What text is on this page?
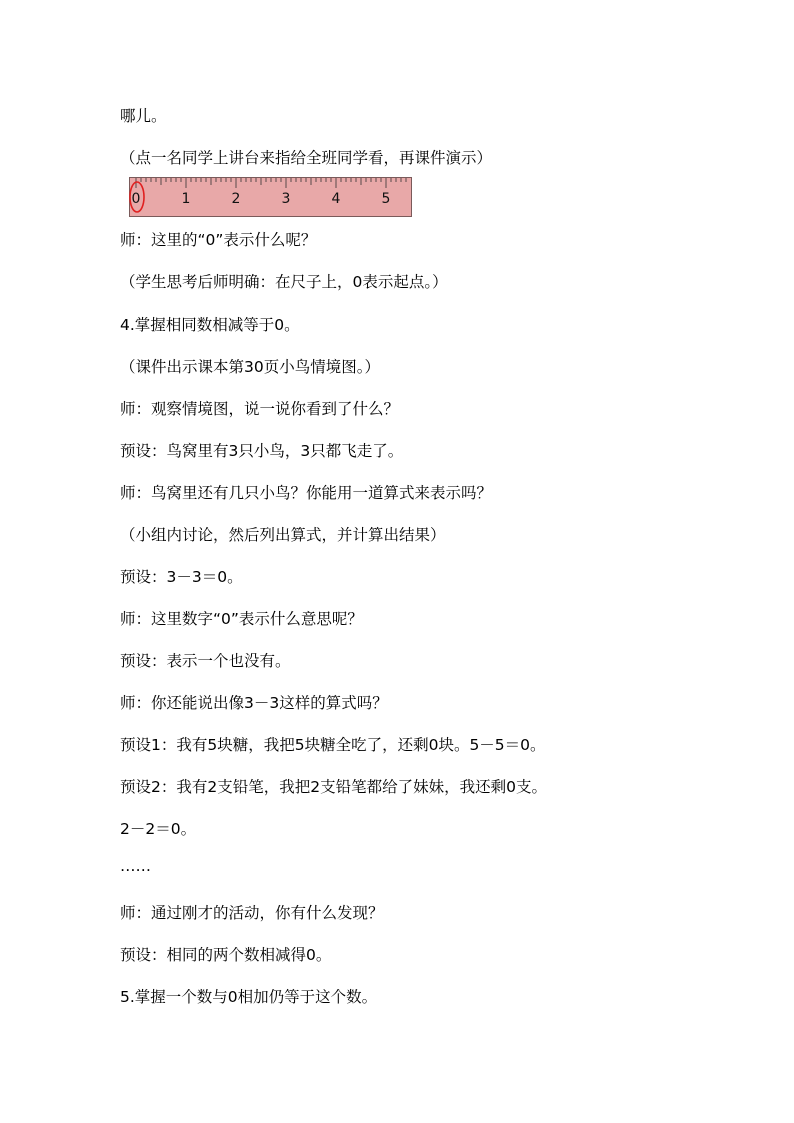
哪儿。
（点一名同学上讲台来指给全班同学看，再课件演示）
0	1	2	3	4	5
师：这里的“0”表示什么呢？
（学生思考后师明确：在尺子上，0表示起点。）
4.掌握相同数相减等于0。
（课件出示课本第30页小鸟情境图。）
师：观察情境图，说一说你看到了什么？
预设：鸟窝里有3只小鸟，3只都飞走了。
师：鸟窝里还有几只小鸟？你能用一道算式来表示吗？
（小组内讨论，然后列出算式，并计算出结果）
预设：3－3＝0。
师：这里数字“0”表示什么意思呢？
预设：表示一个也没有。
师：你还能说出像3－3这样的算式吗？
预设1：我有5块糖，我把5块糖全吃了，还剩0块。5－5＝0。
预设2：我有2支铅笔，我把2支铅笔都给了妹妹，我还剩0支。
2－2＝0。
……
师：通过刚才的活动，你有什么发现？
预设：相同的两个数相减得0。
5.掌握一个数与0相加仍等于这个数。
